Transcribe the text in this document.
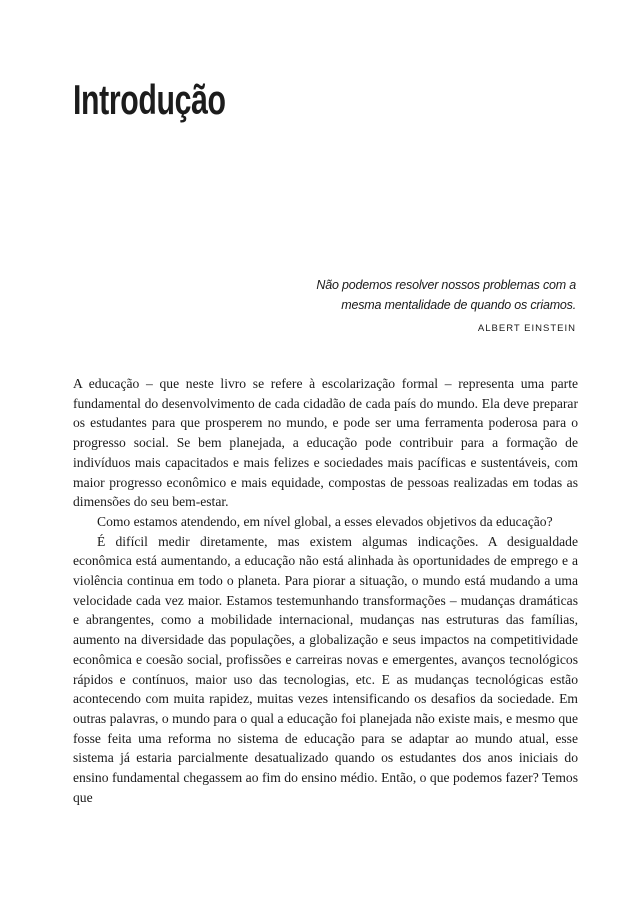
Introdução

Não podemos resolver nossos problemas com a
mesma mentalidade de quando os criamos.

ALBERT EINSTEIN

A educação – que neste livro se refere à escolarização formal – representa uma parte fundamental do desenvolvimento de cada cidadão de cada país do mundo. Ela deve preparar os estudantes para que prosperem no mundo, e pode ser uma ferramenta poderosa para o progresso social. Se bem planejada, a educação pode contribuir para a formação de indivíduos mais capacitados e mais felizes e sociedades mais pacíficas e sustentáveis, com maior progresso econômico e mais equidade, compostas de pessoas realizadas em todas as dimensões do seu bem-estar.

Como estamos atendendo, em nível global, a esses elevados objetivos da educação?

É difícil medir diretamente, mas existem algumas indicações. A desigualdade econômica está aumentando, a educação não está alinhada às oportunidades de emprego e a violência continua em todo o planeta. Para piorar a situação, o mundo está mudando a uma velocidade cada vez maior. Estamos testemunhando transformações – mudanças dramáticas e abrangentes, como a mobilidade internacional, mudanças nas estruturas das famílias, aumento na diversidade das populações, a globalização e seus impactos na competitividade econômica e coesão social, profissões e carreiras novas e emergentes, avanços tecnológicos rápidos e contínuos, maior uso das tecnologias, etc. E as mudanças tecnológicas estão acontecendo com muita rapidez, muitas vezes intensificando os desafios da sociedade. Em outras palavras, o mundo para o qual a educação foi planejada não existe mais, e mesmo que fosse feita uma reforma no sistema de educação para se adaptar ao mundo atual, esse sistema já estaria parcialmente desatualizado quando os estudantes dos anos iniciais do ensino fundamental chegassem ao fim do ensino médio. Então, o que podemos fazer? Temos que
